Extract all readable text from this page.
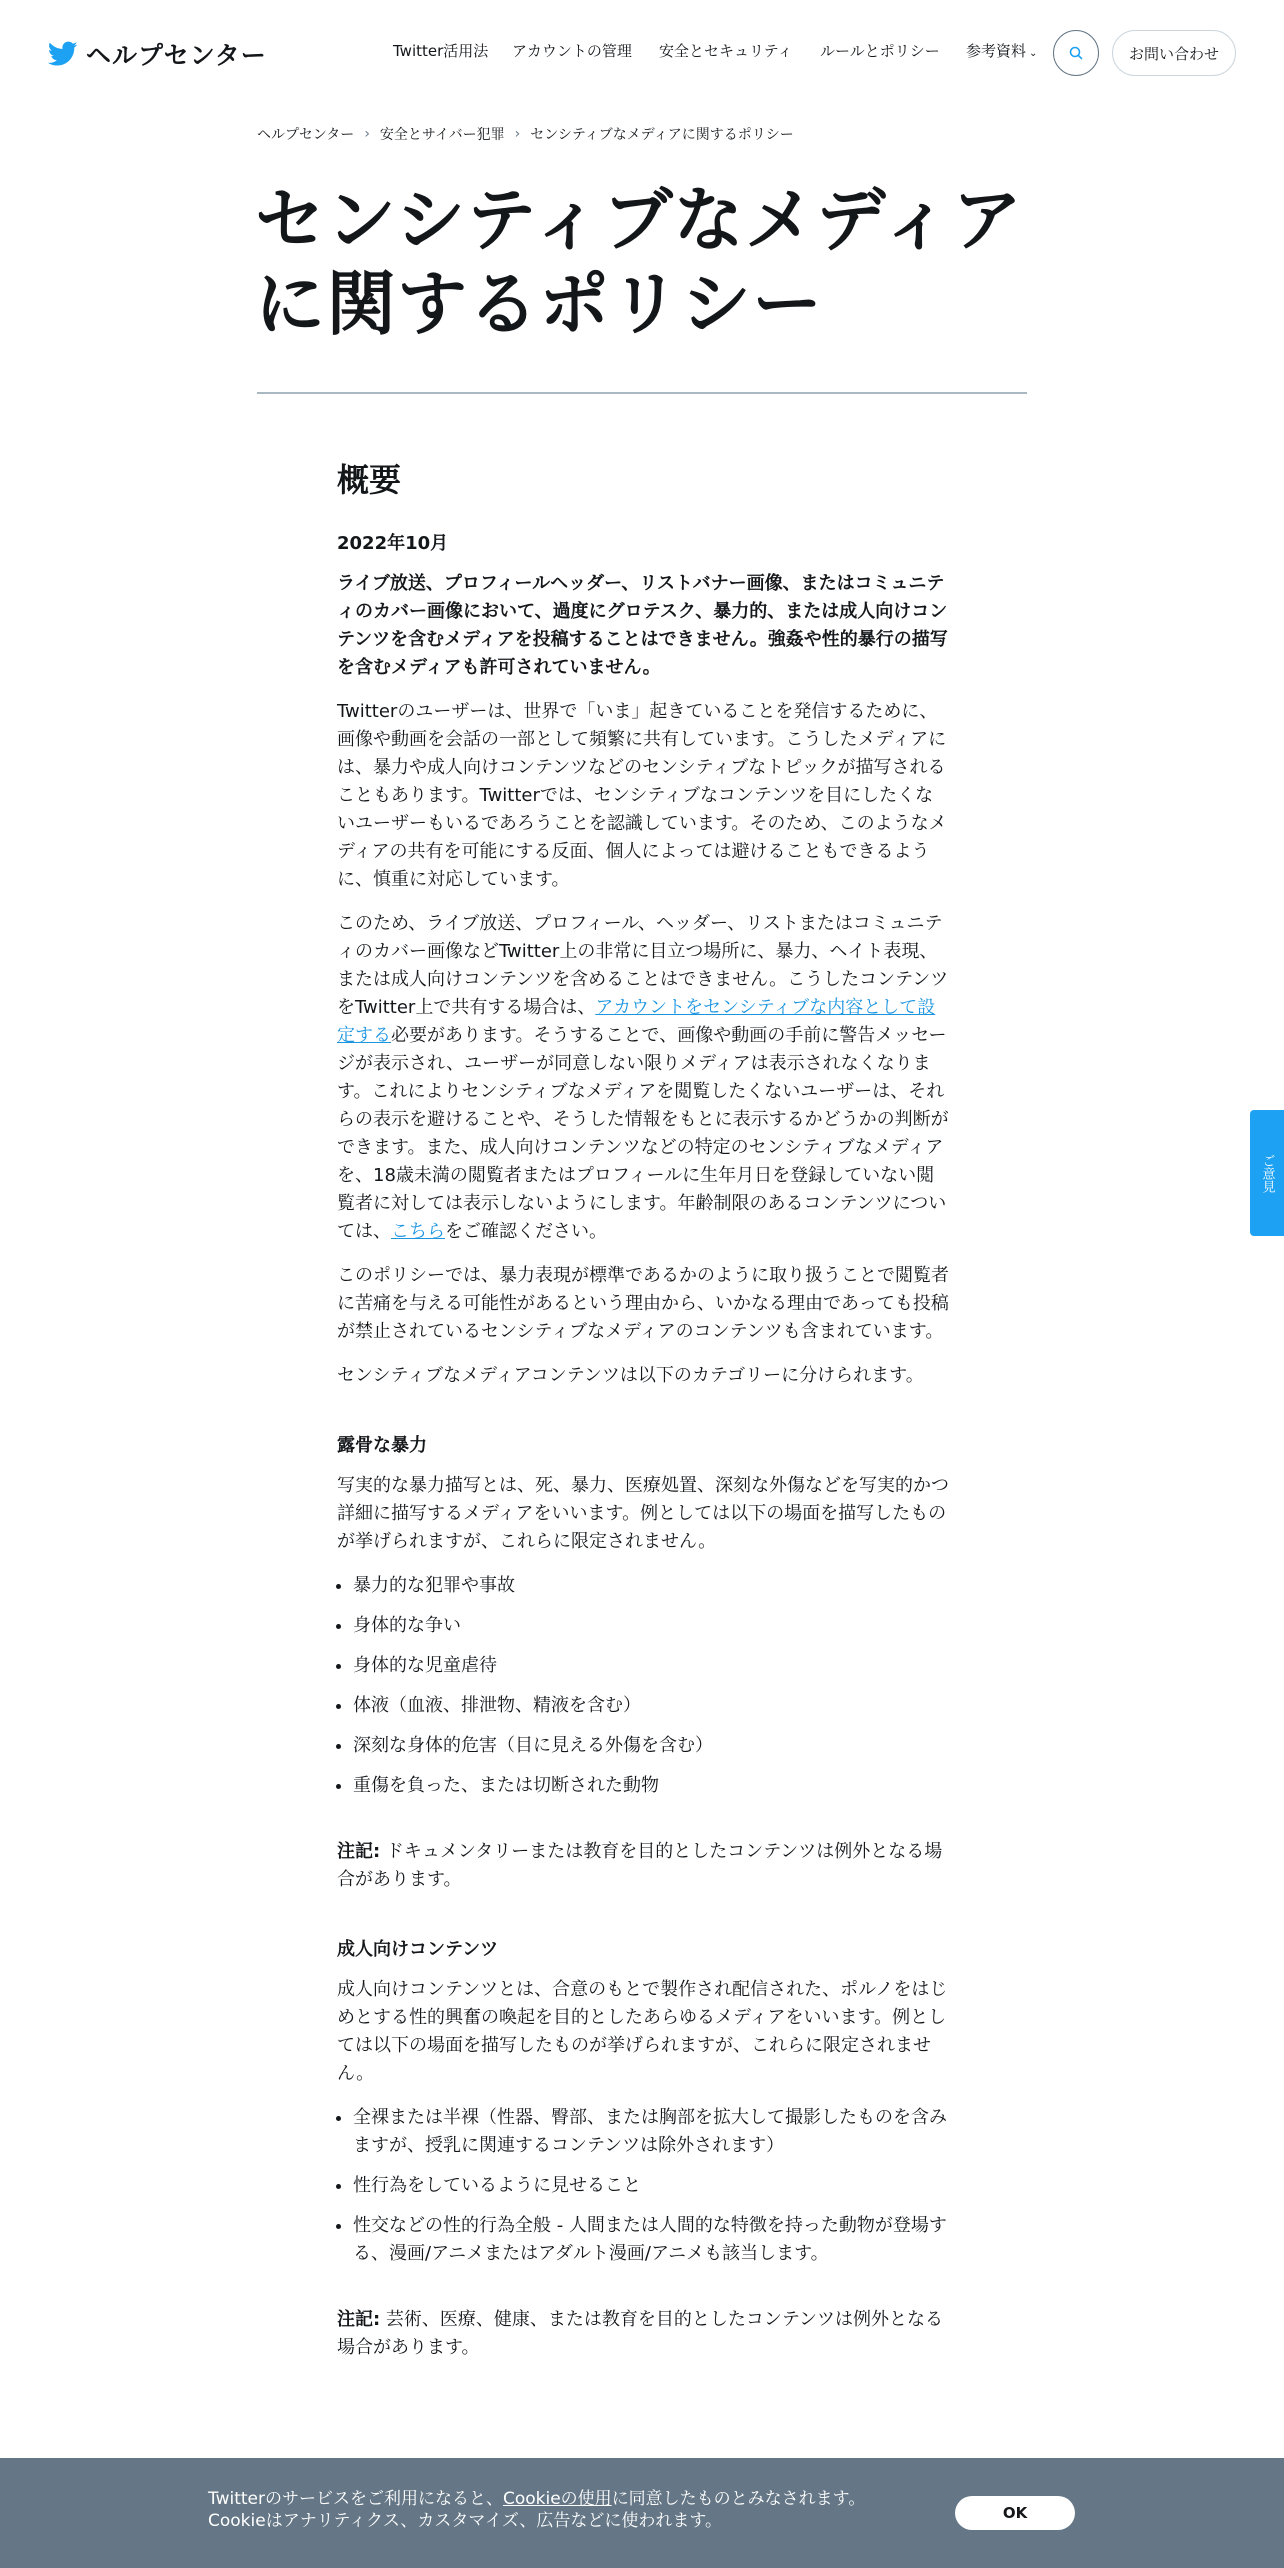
ヘルプセンター	Twitter活用法 アカウントの管理 安全とセキュリティ ルールとポリシー 参考資料 ⌄	お問い合わせ
ヘルプセンター › 安全とサイバー犯罪 › センシティブなメディアに関するポリシー
センシティブなメディアに関するポリシー
概要

2022年10月

ライブ放送、プロフィールヘッダー、リストバナー画像、またはコミュニティのカバー画像において、過度にグロテスク、暴力的、または成人向けコンテンツを含むメディアを投稿することはできません。強姦や性的暴行の描写を含むメディアも許可されていません。

Twitterのユーザーは、世界で「いま」起きていることを発信するために、画像や動画を会話の一部として頻繁に共有しています。こうしたメディアには、暴力や成人向けコンテンツなどのセンシティブなトピックが描写されることもあります。Twitterでは、センシティブなコンテンツを目にしたくないユーザーもいるであろうことを認識しています。そのため、このようなメディアの共有を可能にする反面、個人によっては避けることもできるように、慎重に対応しています。

このため、ライブ放送、プロフィール、ヘッダー、リストまたはコミュニティのカバー画像などTwitter上の非常に目立つ場所に、暴力、ヘイト表現、または成人向けコンテンツを含めることはできません。こうしたコンテンツをTwitter上で共有する場合は、アカウントをセンシティブな内容として設定する必要があります。そうすることで、画像や動画の手前に警告メッセージが表示され、ユーザーが同意しない限りメディアは表示されなくなります。これによりセンシティブなメディアを閲覧したくないユーザーは、それらの表示を避けることや、そうした情報をもとに表示するかどうかの判断ができます。また、成人向けコンテンツなどの特定のセンシティブなメディアを、18歳未満の閲覧者またはプロフィールに生年月日を登録していない閲覧者に対しては表示しないようにします。年齢制限のあるコンテンツについては、こちらをご確認ください。

このポリシーでは、暴力表現が標準であるかのように取り扱うことで閲覧者に苦痛を与える可能性があるという理由から、いかなる理由であっても投稿が禁止されているセンシティブなメディアのコンテンツも含まれています。

センシティブなメディアコンテンツは以下のカテゴリーに分けられます。

露骨な暴力

写実的な暴力描写とは、死、暴力、医療処置、深刻な外傷などを写実的かつ詳細に描写するメディアをいいます。例としては以下の場面を描写したものが挙げられますが、これらに限定されません。

• 暴力的な犯罪や事故
• 身体的な争い
• 身体的な児童虐待
• 体液（血液、排泄物、精液を含む）
• 深刻な身体的危害（目に見える外傷を含む）
• 重傷を負った、または切断された動物

注記: ドキュメンタリーまたは教育を目的としたコンテンツは例外となる場合があります。

成人向けコンテンツ

成人向けコンテンツとは、合意のもとで製作され配信された、ポルノをはじめとする性的興奮の喚起を目的としたあらゆるメディアをいいます。例としては以下の場面を描写したものが挙げられますが、これらに限定されません。

• 全裸または半裸（性器、臀部、または胸部を拡大して撮影したものを含みますが、授乳に関連するコンテンツは除外されます）
• 性行為をしているように見せること
• 性交などの性的行為全般 - 人間または人間的な特徴を持った動物が登場する、漫画/アニメまたはアダルト漫画/アニメも該当します。

注記: 芸術、医療、健康、または教育を目的としたコンテンツは例外となる場合があります。

ご意見
Twitterのサービスをご利用になると、Cookieの使用に同意したものとみなされます。
Cookieはアナリティクス、カスタマイズ、広告などに使われます。	OK
